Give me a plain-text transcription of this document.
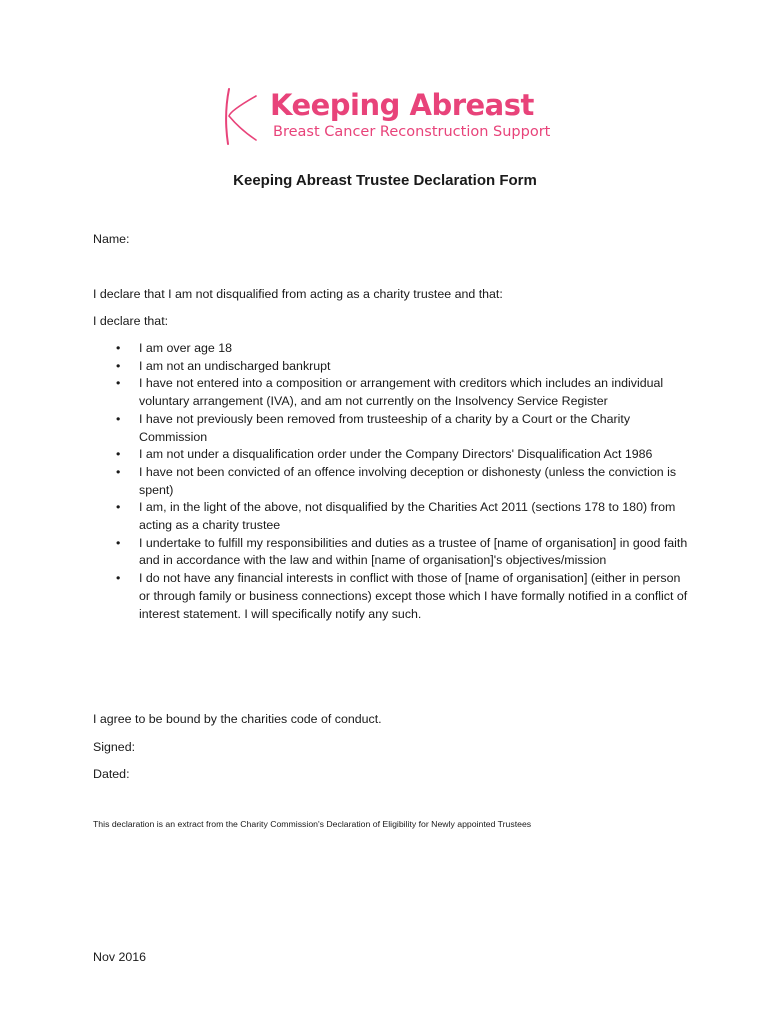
Keeping Abreast
Breast Cancer Reconstruction Support
Keeping Abreast Trustee Declaration Form
Name:
I declare that I am not disqualified from acting as a charity trustee and that:
I declare that:
• I am over age 18
• I am not an undischarged bankrupt
• I have not entered into a composition or arrangement with creditors which includes an individual voluntary arrangement (IVA), and am not currently on the Insolvency Service Register
• I have not previously been removed from trusteeship of a charity by a Court or the Charity Commission
• I am not under a disqualification order under the Company Directors' Disqualification Act 1986
• I have not been convicted of an offence involving deception or dishonesty (unless the conviction is spent)
• I am, in the light of the above, not disqualified by the Charities Act 2011 (sections 178 to 180) from acting as a charity trustee
• I undertake to fulfill my responsibilities and duties as a trustee of [name of organisation] in good faith and in accordance with the law and within [name of organisation]'s objectives/mission
• I do not have any financial interests in conflict with those of [name of organisation] (either in person or through family or business connections) except those which I have formally notified in a conflict of interest statement. I will specifically notify any such.
I agree to be bound by the charities code of conduct.
Signed:
Dated:
This declaration is an extract from the Charity Commission's Declaration of Eligibility for Newly appointed Trustees
Nov 2016
